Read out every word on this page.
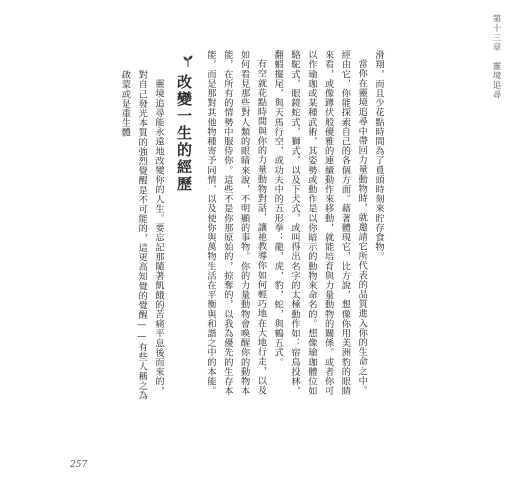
第十三章　靈境追尋

滑翔，而且少花點時間為了覓頭時刻來貯存食物。

當你在靈境追尋中帶回力量動物時，就邀請它所代表的品質進入你的生命之中。經由它，你能探索自己的各個方面。藉著體現它，比方說，想像你用美洲豹的眼睛來看，或像蹲伏般優雅的連續動作來移動，就能培育與力量動物的關係。或者你可以作瑜珈或某種武術，其姿勢或動作是以你暗示的動物來命名的。想像瑜珈體位如駱駝式，眼鏡蛇式，獅式，以及下犬式，或叫得出名字的太極動作如：宿鳥投林，翻蝦擺尾，與天馬行空，或功夫中的五形拳：龍，虎，豹，蛇，與鶴五式。

有空就花點時間與你的力量動物對話，讓祂教導你如何輕巧地在大地行走，以及如何看見那些對人類的眼睛來說，不明顯的事物。你的力量動物會喚醒你的動物本能，在所有的情勢中服侍你。這些不是你那原始的，掠奪的，以我為優先的生存本能，而是那對其他物種寄予同情，以及使你與萬物生活在平衡與和諧之中的本能。

改變一生的經歷

靈境追尋能永遠地改變你的人生。要忘記那隨著飢餓的苦痛平息後而來的，對自己發光本質的強烈覺醒是不可能的，這更高知覺的覺醒——有些人稱之為啟蒙或是重生體

257
